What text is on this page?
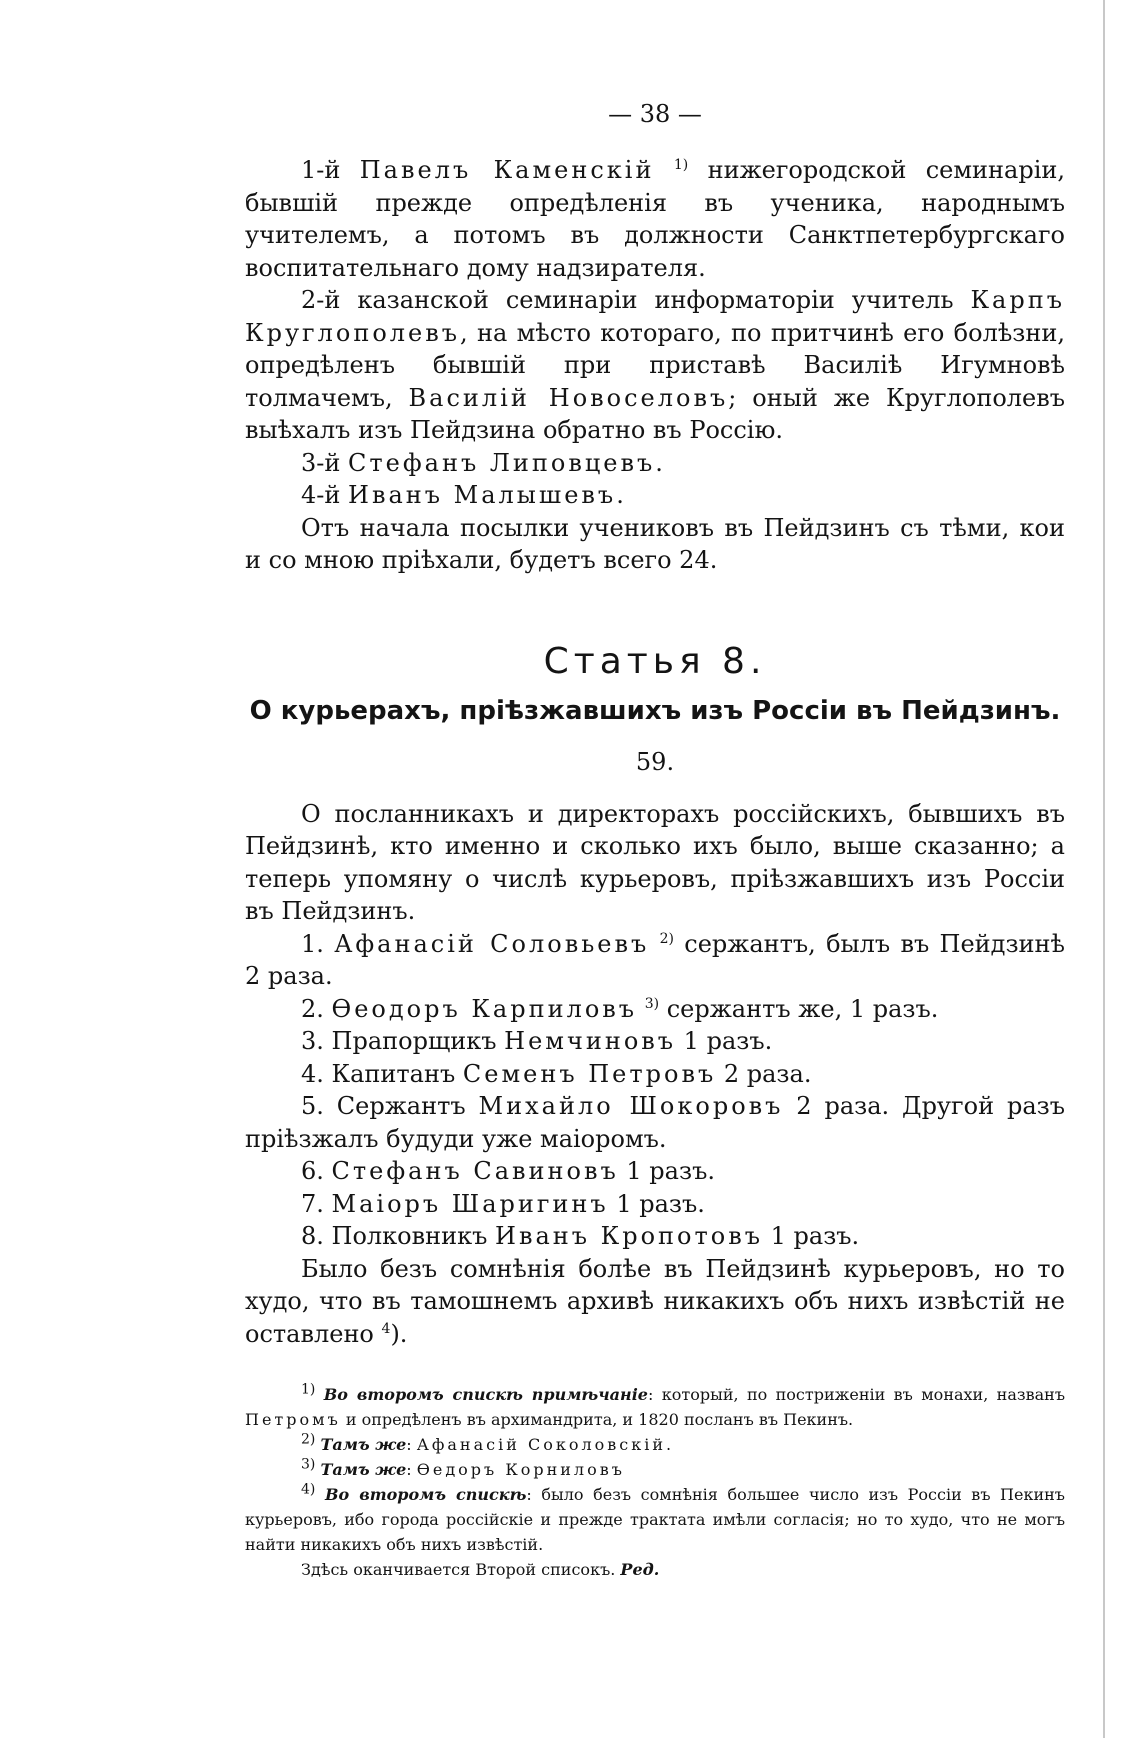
— 38 —

1-й Павелъ Каменскій $^{1)}$ нижегородской семинаріи, бывшій прежде опредѣленія въ ученика, народнымъ учителемъ, а потомъ въ должности Санктпетербургскаго воспитательнаго дому надзирателя.

2-й казанской семинаріи информаторіи учитель Карпъ Круглополевъ, на мѣсто котораго, по притчинѣ его болѣзни, опредѣленъ бывшій при приставѣ Василіѣ Игумновѣ толмачемъ, Василій Новоселовъ; оный же Круглополевъ выѣхалъ изъ Пейдзина обратно въ Россію.

3-й Стефанъ Липовцевъ.

4-й Иванъ Малышевъ.

Отъ начала посылки учениковъ въ Пейдзинъ съ тѣми, кои и со мною пріѣхали, будетъ всего 24.

Статья 8.
О курьерахъ, пріѣзжавшихъ изъ Россіи въ Пейдзинъ.
59.

О посланникахъ и директорахъ россійскихъ, бывшихъ въ Пейдзинѣ, кто именно и сколько ихъ было, выше сказанно; а теперь упомяну о числѣ курьеровъ, пріѣзжавшихъ изъ Россіи въ Пейдзинъ.

1. Афанасій Соловьевъ $^{2)}$ сержантъ, былъ въ Пейдзинѣ 2 раза.

2. Ѳеодоръ Карпиловъ $^{3)}$ сержантъ же, 1 разъ.

3. Прапорщикъ Немчиновъ 1 разъ.

4. Капитанъ Семенъ Петровъ 2 раза.

5. Сержантъ Михайло Шокоровъ 2 раза. Другой разъ пріѣзжалъ будуди уже маіоромъ.

6. Стефанъ Савиновъ 1 разъ.

7. Маіоръ Шаригинъ 1 разъ.

8. Полковникъ Иванъ Кропотовъ 1 разъ.

Было безъ сомнѣнія болѣе въ Пейдзинѣ курьеровъ, но то худо, что въ тамошнемъ архивѣ никакихъ объ нихъ извѣстій не оставлено $^4$).

$^{1)}$ Во второмъ спискѣ примѣчаніе: который, по постриженіи въ монахи, названъ Петромъ и опредѣленъ въ архимандрита, и 1820 посланъ въ Пекинъ.

$^{2)}$ Тамъ же: Афанасій Соколовскій.

$^{3)}$ Тамъ же: Ѳедоръ Корниловъ

$^{4)}$ Во второмъ спискѣ: было безъ сомнѣнія большее число изъ Россіи въ Пекинъ курьеровъ, ибо города россійскіе и прежде трактата имѣли согласія; но то худо, что не могъ найти никакихъ объ нихъ извѣстій.

Здѣсь оканчивается Второй списокъ. Ред.
